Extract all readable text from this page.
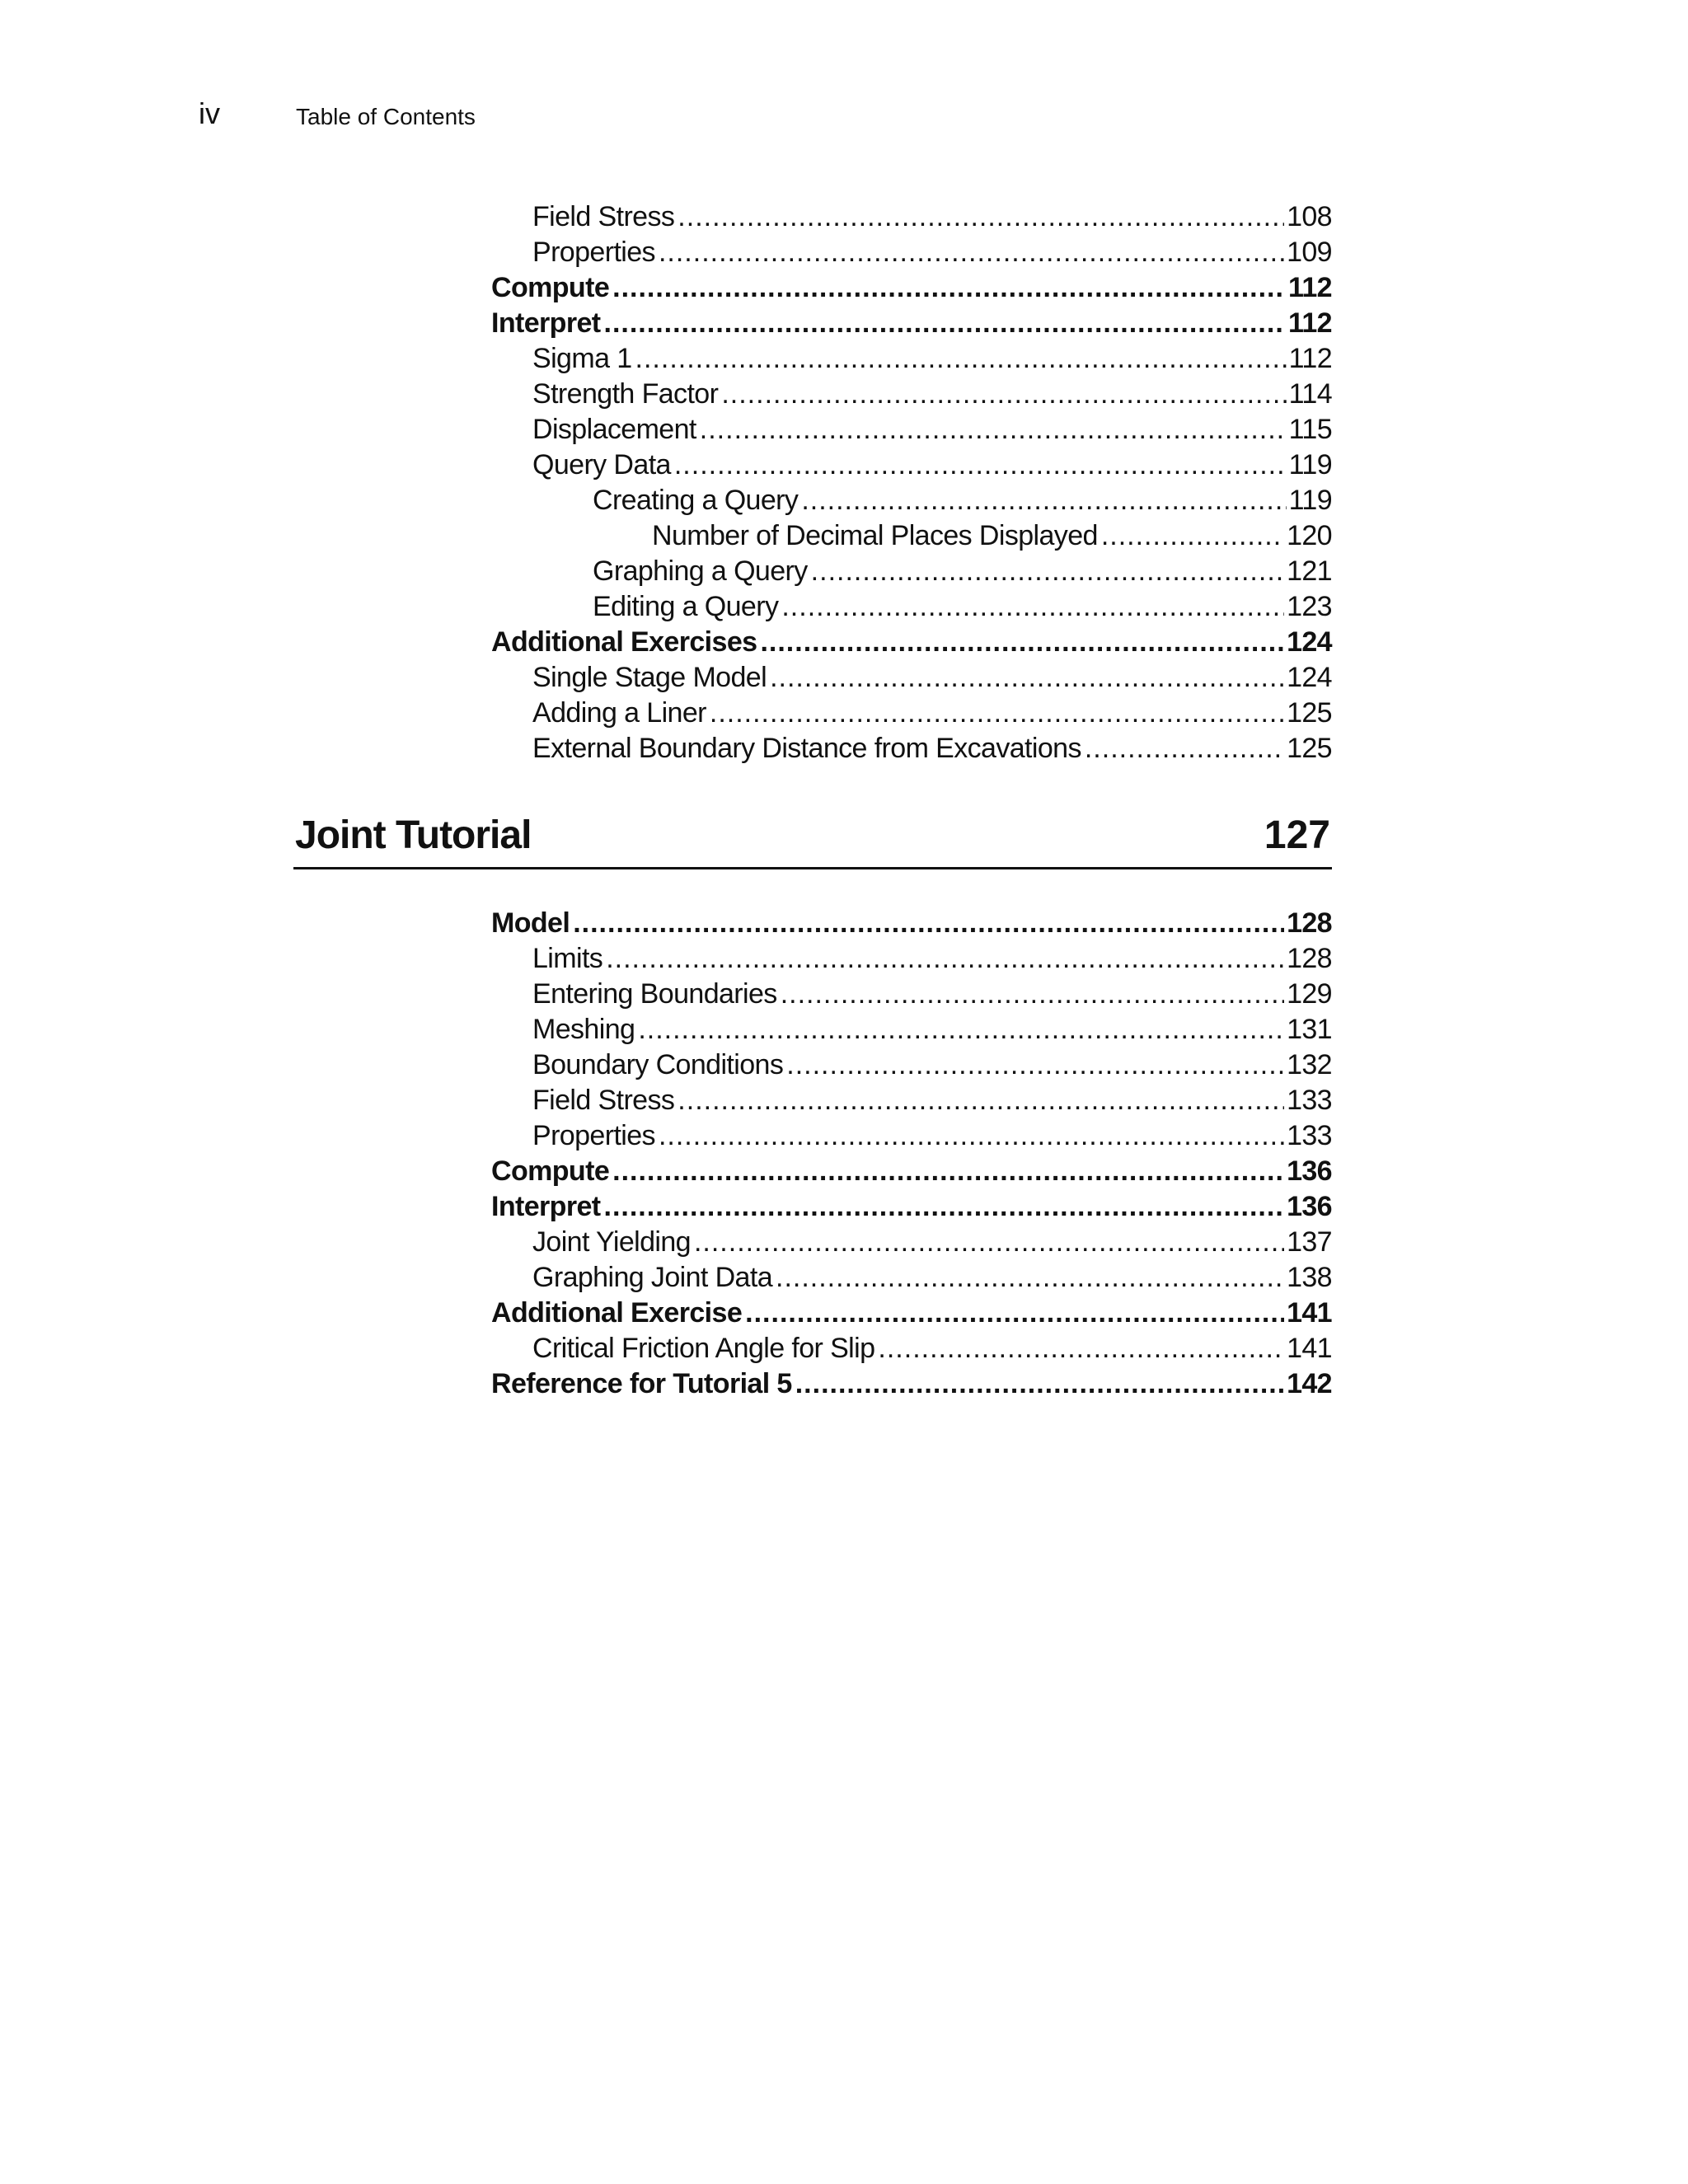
iv	Table of Contents
Field Stress .....	108
Properties .....	109
Compute .....	112
Interpret .....	112
Sigma 1 .....	112
Strength Factor .....	114
Displacement .....	115
Query Data .....	119
Creating a Query .....	119
Number of Decimal Places Displayed .....	120
Graphing a Query .....	121
Editing a Query .....	123
Additional Exercises .....	124
Single Stage Model .....	124
Adding a Liner .....	125
External Boundary Distance from Excavations .....	125
Joint Tutorial	127
Model .....	128
Limits .....	128
Entering Boundaries .....	129
Meshing .....	131
Boundary Conditions .....	132
Field Stress .....	133
Properties .....	133
Compute .....	136
Interpret .....	136
Joint Yielding .....	137
Graphing Joint Data .....	138
Additional Exercise .....	141
Critical Friction Angle for Slip .....	141
Reference for Tutorial 5 .....	142
